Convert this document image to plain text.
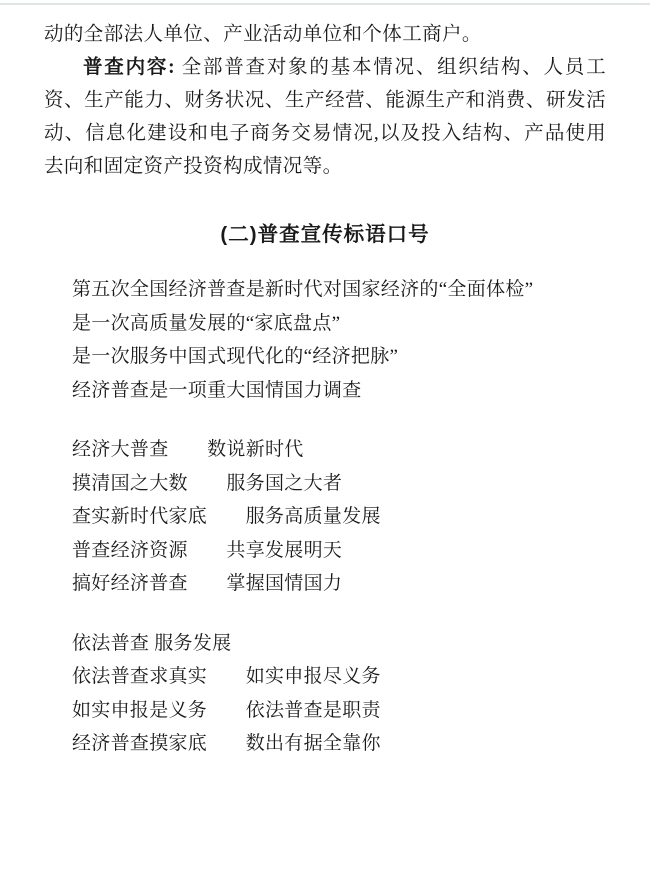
动的全部法人单位、产业活动单位和个体工商户。

普查内容: 全部普查对象的基本情况、组织结构、人员工资、生产能力、财务状况、生产经营、能源生产和消费、研发活动、信息化建设和电子商务交易情况,以及投入结构、产品使用去向和固定资产投资构成情况等。

(二)普查宣传标语口号
第五次全国经济普查是新时代对国家经济的“全面体检”
是一次高质量发展的“家底盘点”
是一次服务中国式现代化的“经济把脉”
经济普查是一项重大国情国力调查
经济大普查　　数说新时代
摸清国之大数　　服务国之大者
查实新时代家底　　服务高质量发展
普查经济资源　　共享发展明天
搞好经济普查　　掌握国情国力
依法普查 服务发展
依法普查求真实　　如实申报尽义务
如实申报是义务　　依法普查是职责
经济普查摸家底　　数出有据全靠你
